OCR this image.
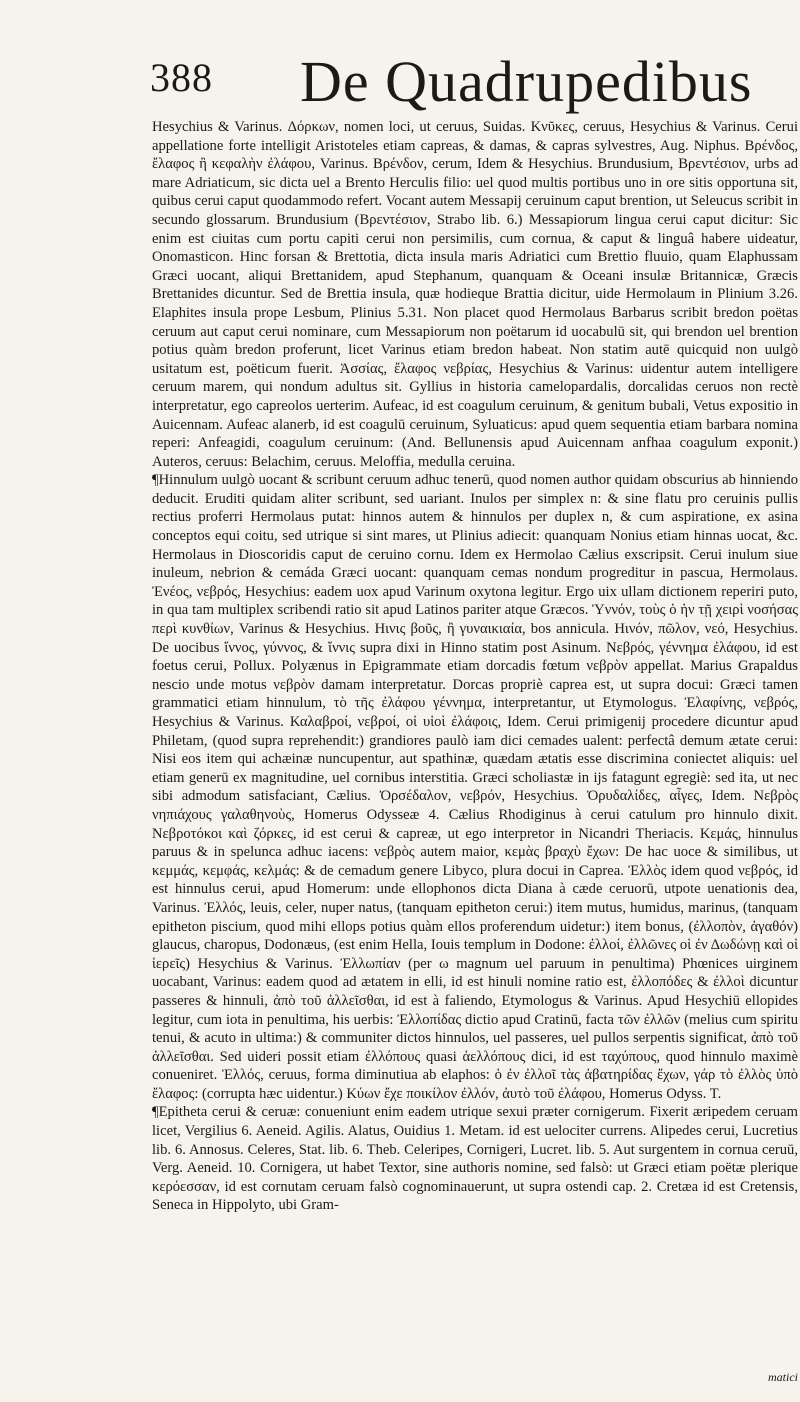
388 De Quadrupedibus

Hesychius & Varinus. Δόρκων, nomen loci, ut ceruus, Suidas. Κνῦκες, ceruus, Hesychius & Varinus. Cerui appellatione forte intelligit Aristoteles etiam capreas, & damas, & capras sylvestres, Aug. Niphus. Βρένδος, ἔλαφος ἢ κεφαλὴν ἐλάφου, Varinus. Βρένδον, cerum, Idem & Hesychius. Brundusium, Βρεντέσιον, urbs ad mare Adriaticum, sic dicta uel a Brento Herculis filio: uel quod multis portibus uno in ore sitis opportuna sit, quibus cerui caput quodammodo refert. Vocant autem Messapij ceruinum caput brention, ut Seleucus scribit in secundo glossarum. Brundusium (Βρεντέσιον, Strabo lib. 6.) Messapiorum lingua cerui caput dicitur: Sic enim est ciuitas cum portu capiti cerui non persimilis, cum cornua, & caput & linguâ habere uideatur, Onomasticon. Hinc forsan & Brettotia, dicta insula maris Adriatici cum Brettio fluuio, quam Elaphussam Græci uocant, aliqui Brettanidem, apud Stephanum, quanquam & Oceani insulæ Britannicæ, Græcis Brettanides dicuntur. Sed de Brettia insula, quæ hodieque Brattia dicitur, uide Hermolaum in Plinium 3.26. Elaphites insula prope Lesbum, Plinius 5.31. Non placet quod Hermolaus Barbarus scribit bredon poëtas ceruum aut caput cerui nominare, cum Messapiorum non poëtarum id uocabulū sit, qui brendon uel brention potius quàm bredon proferunt, licet Varinus etiam bredon habeat. Non statim autē quicquid non uulgò usitatum est, poëticum fuerit. Ἀσσίας, ἔλαφος νεβρίας, Hesychius & Varinus: uidentur autem intelligere ceruum marem, qui nondum adultus sit. Gyllius in historia camelopardalis, dorcalidas ceruos non rectè interpretatur, ego capreolos uerterim. Aufeac, id est coagulum ceruinum, & genitum bubali, Vetus expositio in Auicennam. Aufeac alanerb, id est coagulū ceruinum, Syluaticus: apud quem sequentia etiam barbara nomina reperi: Anfeagidi, coagulum ceruinum: (And. Bellunensis apud Auicennam anfhaa coagulum exponit.) Auteros, ceruus: Belachim, ceruus. Meloffia, medulla ceruina.

¶Hinnulum uulgò uocant & scribunt ceruum adhuc tenerū, quod nomen author quidam obscurius ab hinniendo deducit. Eruditi quidam aliter scribunt, sed uariant. Inulos per simplex n: & sine flatu pro ceruinis pullis rectius proferri Hermolaus putat: hinnos autem & hinnulos per duplex n, & cum aspiratione, ex asina conceptos equi coitu, sed utrique si sint mares, ut Plinius adiecit: quanquam Nonius etiam hinnas uocat, &c. Hermolaus in Dioscoridis caput de ceruino cornu. Idem ex Hermolao Cælius exscripsit. Cerui inulum siue inuleum, nebrion & cemáda Græci uocant: quanquam cemas nondum progreditur in pascua, Hermolaus. Ἐνέος, νεβρός, Hesychius: eadem uox apud Varinum oxytona legitur. Ergo uix ullam dictionem reperiri puto, in qua tam multiplex scribendi ratio sit apud Latinos pariter atque Græcos. Ὑννόν, τοὺς ὁ ἡν τῇ χειρὶ νοσήσας περὶ κυνθίων, Varinus & Hesychius. Hινις βοῦς, ἢ γυναικιαία, bos annicula. Hινόν, πῶλον, νεό, Hesychius. De uocibus ἴννος, γύννος, & ἴννις supra dixi in Hinno statim post Asinum. Νεβρός, γέννημα ἐλάφου, id est foetus cerui, Pollux. Polyænus in Epigrammate etiam dorcadis fœtum νεβρὸν appellat. Marius Grapaldus nescio unde motus νεβρὸν damam interpretatur. Dorcas propriè caprea est, ut supra docui: Græci tamen grammatici etiam hinnulum, τὸ τῆς ἐλάφου γέννημα, interpretantur, ut Etymologus. Ἐλαφίνης, νεβρός, Hesychius & Varinus. Καλαβροί, νεβροί, οἱ υἱοὶ ἐλάφοις, Idem. Cerui primigenij procedere dicuntur apud Philetam, (quod supra reprehendit:) grandiores paulò iam dici cemades ualent: perfectâ demum ætate cerui: Nisi eos item qui achæinæ nuncupentur, aut spathinæ, quædam ætatis esse discrimina coniectet aliquis: uel etiam generū ex magnitudine, uel cornibus interstitia. Græci scholiastæ in ijs fatagunt egregiè: sed ita, ut nec sibi admodum satisfaciant, Cælius. Ὀρσέδαλον, νεβρόν, Hesychius. Ὀρυδαλίδες, αἶγες, Idem. Νεβρὸς νηπιάχους γαλαθηνοὺς, Homerus Odysseæ 4. Cælius Rhodiginus à cerui catulum pro hinnulo dixit. Νεβροτόκοι καὶ ζόρκες, id est cerui & capreæ, ut ego interpretor in Nicandri Theriacis. Κεμάς, hinnulus paruus & in spelunca adhuc iacens: νεβρὸς autem maior, κεμὰς βραχὺ ἔχων: De hac uoce & similibus, ut κεμμάς, κεμφάς, κελμάς: & de cemadum genere Libyco, plura docui in Caprea. Ἐλλὸς idem quod νεβρός, id est hinnulus cerui, apud Homerum: unde ellophonos dicta Diana à cæde ceruorū, utpote uenationis dea, Varinus. Ἐλλός, leuis, celer, nuper natus, (tanquam epitheton cerui:) item mutus, humidus, marinus, (tanquam epitheton piscium, quod mihi ellops potius quàm ellos proferendum uidetur:) item bonus, (ἐλλοπὸν, ἀγαθόν) glaucus, charopus, Dodonæus, (est enim Hella, Iouis templum in Dodone: ἐλλοί, ἐλλῶνες οἱ ἐν Δωδώνῃ καὶ οἱ ἱερεῖς) Hesychius & Varinus. Ἐλλωπίαν (per ω magnum uel paruum in penultima) Phœnices uirginem uocabant, Varinus: eadem quod ad ætatem in elli, id est hinuli nomine ratio est, ἐλλοπόδες & ἐλλοὶ dicuntur passeres & hinnuli, ἀπὸ τοῦ ἀλλεῖσθαι, id est à faliendo, Etymologus & Varinus. Apud Hesychiū ellopides legitur, cum iota in penultima, his uerbis: Ἐλλοπίδας dictio apud Cratinū, facta τῶν ἐλλῶν (melius cum spiritu tenui, & acuto in ultima:) & communiter dictos hinnulos, uel passeres, uel pullos serpentis significat, ἀπὸ τοῦ ἀλλεῖσθαι. Sed uideri possit etiam ἐλλόπους quasi ἀελλόπους dici, id est ταχύπους, quod hinnulo maximè conueniret. Ἐλλός, ceruus, forma diminutiua ab elaphos: ὁ ἐν ἐλλοῖ τὰς ἀβατηρίδας ἔχων, γάρ τὸ ἐλλὸς ὑπὸ ἔλαφος: (corrupta hæc uidentur.) Κύων ἔχε ποικίλον ἐλλόν, ἀυτὸ τοῦ ἐλάφου, Homerus Odyss. T.

¶Epitheta cerui & ceruæ: conueniunt enim eadem utrique sexui præter cornigerum. Fixerit æripedem ceruam licet, Vergilius 6. Aeneid. Agilis. Alatus, Ouidius 1. Metam. id est uelociter currens. Alipedes cerui, Lucretius lib. 6. Annosus. Celeres, Stat. lib. 6. Theb. Celeripes, Cornigeri, Lucret. lib. 5. Aut surgentem in cornua ceruū, Verg. Aeneid. 10. Cornigera, ut habet Textor, sine authoris nomine, sed falsò: ut Græci etiam poëtæ plerique κερόεσσαν, id est cornutam ceruam falsò cognominauerunt, ut supra ostendi cap. 2. Cretæa id est Cretensis, Seneca in Hippolyto, ubi Gram-

matici
